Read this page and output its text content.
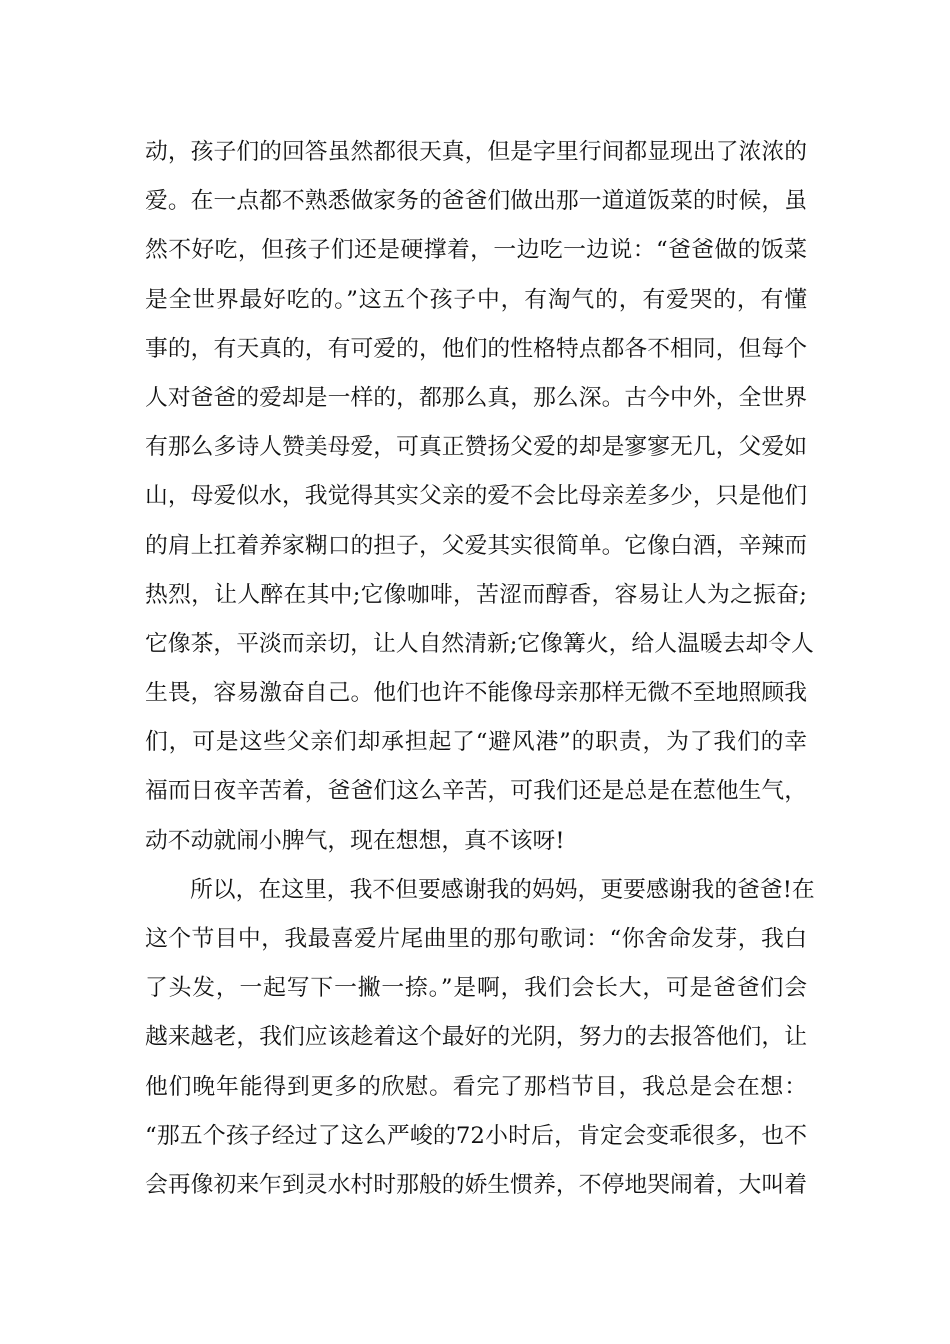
动，孩子们的回答虽然都很天真，但是字里行间都显现出了浓浓的
爱。在一点都不熟悉做家务的爸爸们做出那一道道饭菜的时候，虽
然不好吃，但孩子们还是硬撑着，一边吃一边说：“爸爸做的饭菜
是全世界最好吃的。”这五个孩子中，有淘气的，有爱哭的，有懂
事的，有天真的，有可爱的，他们的性格特点都各不相同，但每个
人对爸爸的爱却是一样的，都那么真，那么深。古今中外，全世界
有那么多诗人赞美母爱，可真正赞扬父爱的却是寥寥无几，父爱如
山，母爱似水，我觉得其实父亲的爱不会比母亲差多少，只是他们
的肩上扛着养家糊口的担子，父爱其实很简单。它像白酒，辛辣而
热烈，让人醉在其中;它像咖啡，苦涩而醇香，容易让人为之振奋;
它像茶，平淡而亲切，让人自然清新;它像篝火，给人温暖去却令人
生畏，容易激奋自己。他们也许不能像母亲那样无微不至地照顾我
们，可是这些父亲们却承担起了“避风港”的职责，为了我们的幸
福而日夜辛苦着，爸爸们这么辛苦，可我们还是总是在惹他生气，
动不动就闹小脾气，现在想想，真不该呀!
所以，在这里，我不但要感谢我的妈妈，更要感谢我的爸爸!在
这个节目中，我最喜爱片尾曲里的那句歌词：“你舍命发芽，我白
了头发，一起写下一撇一捺。”是啊，我们会长大，可是爸爸们会
越来越老，我们应该趁着这个最好的光阴，努力的去报答他们，让
他们晚年能得到更多的欣慰。看完了那档节目，我总是会在想：
“那五个孩子经过了这么严峻的72小时后，肯定会变乖很多，也不
会再像初来乍到灵水村时那般的娇生惯养，不停地哭闹着，大叫着
